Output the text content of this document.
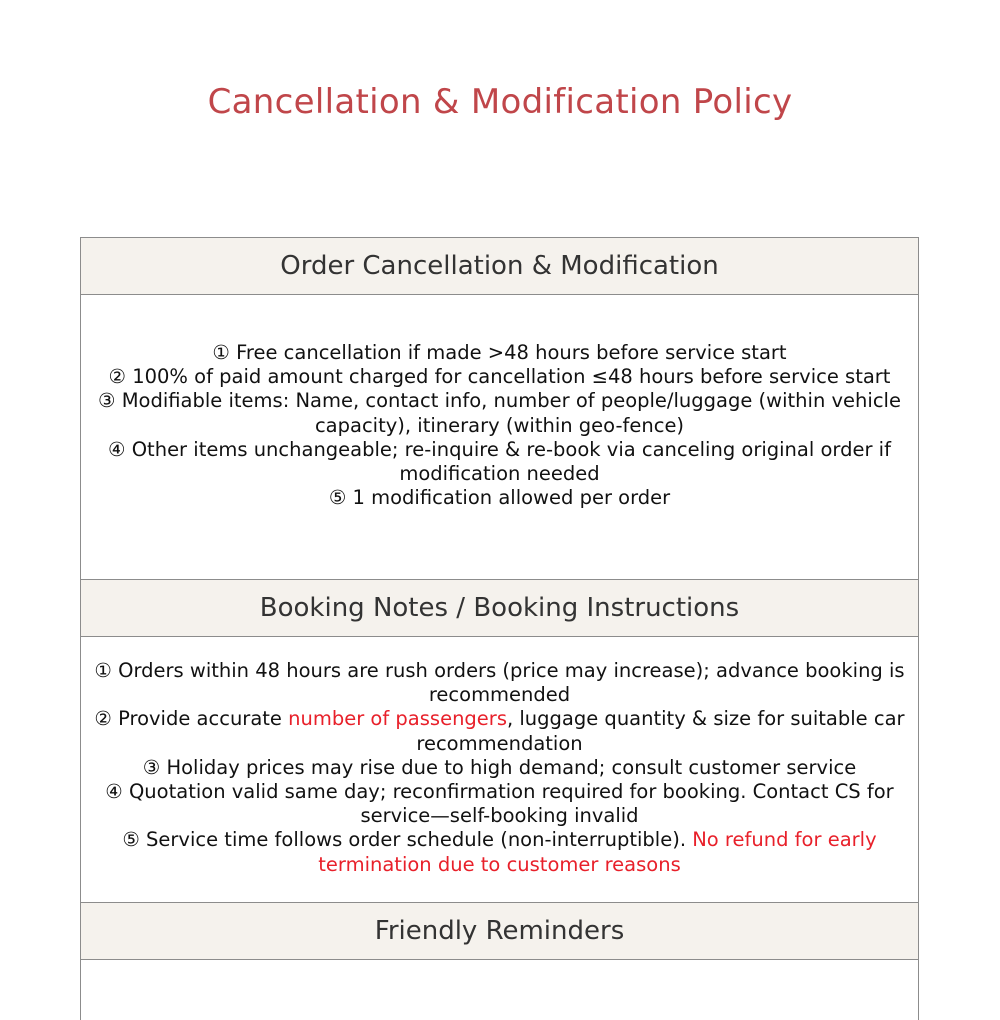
Cancellation & Modification Policy
Order Cancellation & Modification
① Free cancellation if made >48 hours before service start
② 100% of paid amount charged for cancellation ≤48 hours before service start
③ Modifiable items: Name, contact info, number of people/luggage (within vehicle capacity), itinerary (within geo-fence)
④ Other items unchangeable; re-inquire & re-book via canceling original order if modification needed
⑤ 1 modification allowed per order
Booking Notes / Booking Instructions
① Orders within 48 hours are rush orders (price may increase); advance booking is recommended
② Provide accurate number of passengers, luggage quantity & size for suitable car recommendation
③ Holiday prices may rise due to high demand; consult customer service
④ Quotation valid same day; reconfirmation required for booking. Contact CS for service—self-booking invalid
⑤ Service time follows order schedule (non-interruptible). No refund for early termination due to customer reasons
Friendly Reminders
